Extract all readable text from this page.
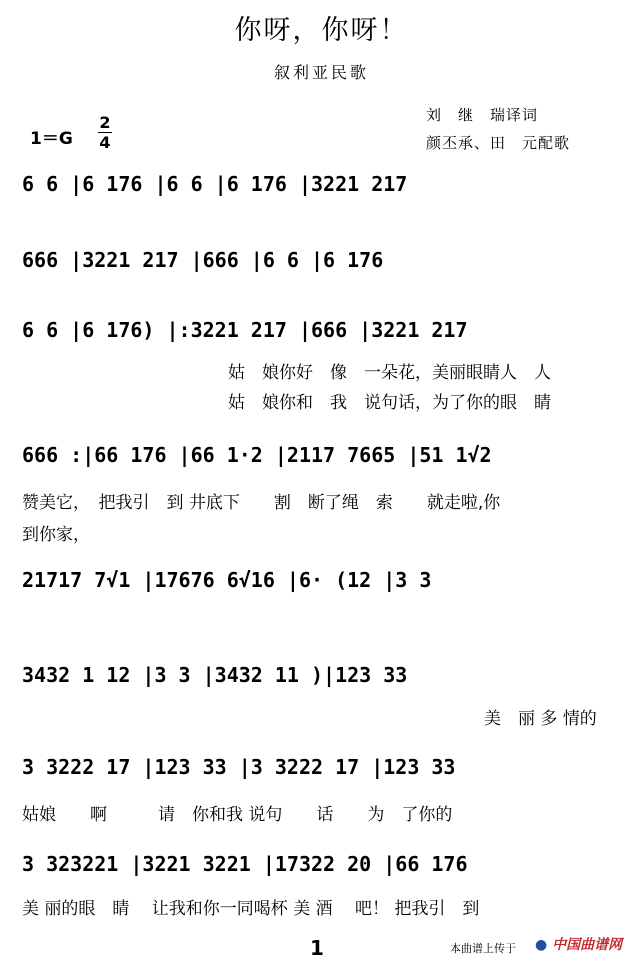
你呀，你呀！
叙利亚民歌
刘　继　瑞译词
颜丕承、田　元配歌
1＝G
2
4
6 6 |6 176 |6 6 |6 176 |3221 217
666 |3221 217 |666 |6 6 |6 176
6 6 |6 176) |:3221 217 |666 |3221 217
姑　娘你好　像　一朵花，美丽眼睛人　人
姑　娘你和　我　说句话，为了你的眼　睛
666 :|66 176 |66 1·2 |2117 7665 |51 1√2
赞美它，　把我引　到 井底下　　割　断了绳　索　　就走啦,你
到你家，
21717 7√1 |17676 6√16 |6· (12 |3 3
3432 1 12 |3 3 |3432 11 )|123 33
美　丽 多 情的
3 3222 17 |123 33 |3 3222 17 |123 33
姑娘　　啊　　　请　你和我 说句　　话　　为　了你的
3 323221 |3221 3221 |17322 20 |66 176
美 丽的眼　睛　 让我和你一同喝杯 美 酒　 吧！ 把我引　到
1	本曲谱上传于 ● 中国曲谱网
